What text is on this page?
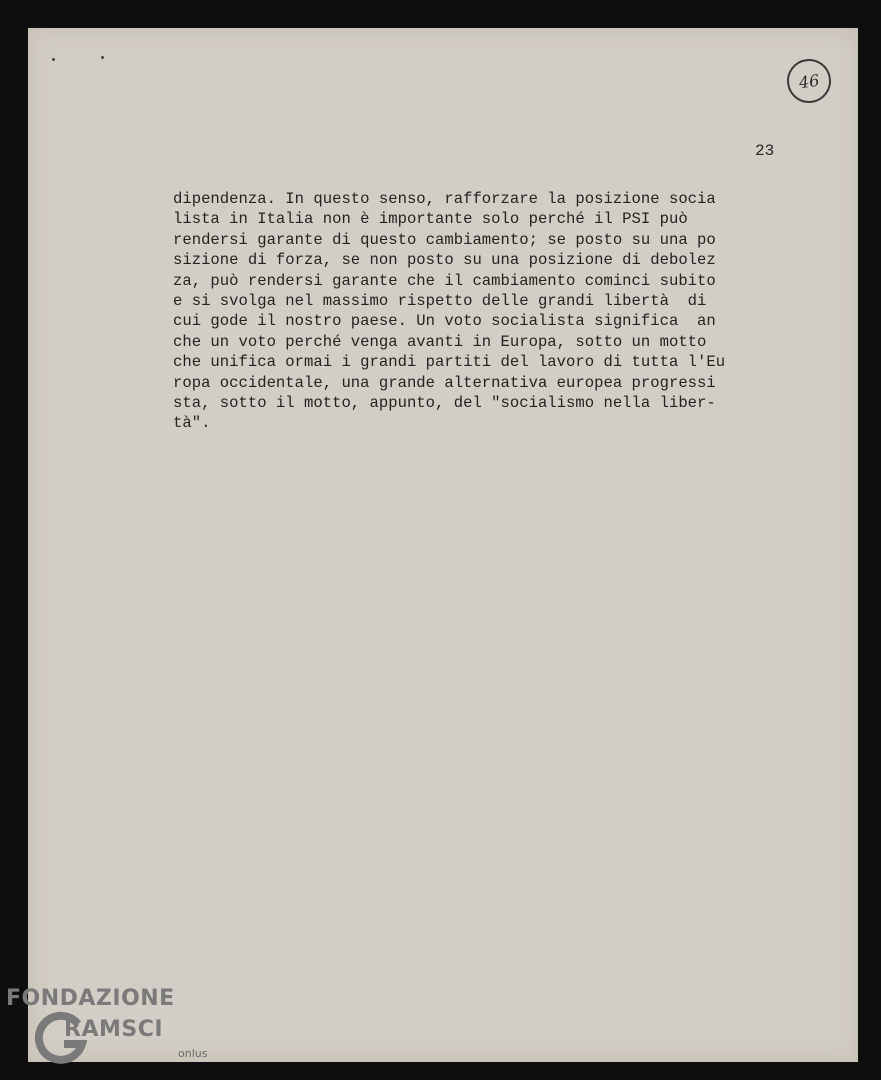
46
23
dipendenza. In questo senso, rafforzare la posizione socia
lista in Italia non è importante solo perché il PSI può
rendersi garante di questo cambiamento; se posto su una po
sizione di forza, se non posto su una posizione di debolez
za, può rendersi garante che il cambiamento cominci subito
e si svolga nel massimo rispetto delle grandi libertà  di
cui gode il nostro paese. Un voto socialista significa  an
che un voto perché venga avanti in Europa, sotto un motto
che unifica ormai i grandi partiti del lavoro di tutta l'Eu
ropa occidentale, una grande alternativa europea progressi
sta, sotto il motto, appunto, del "socialismo nella liber-
tà".
FONDAZIONE
RAMSCI
onlus
